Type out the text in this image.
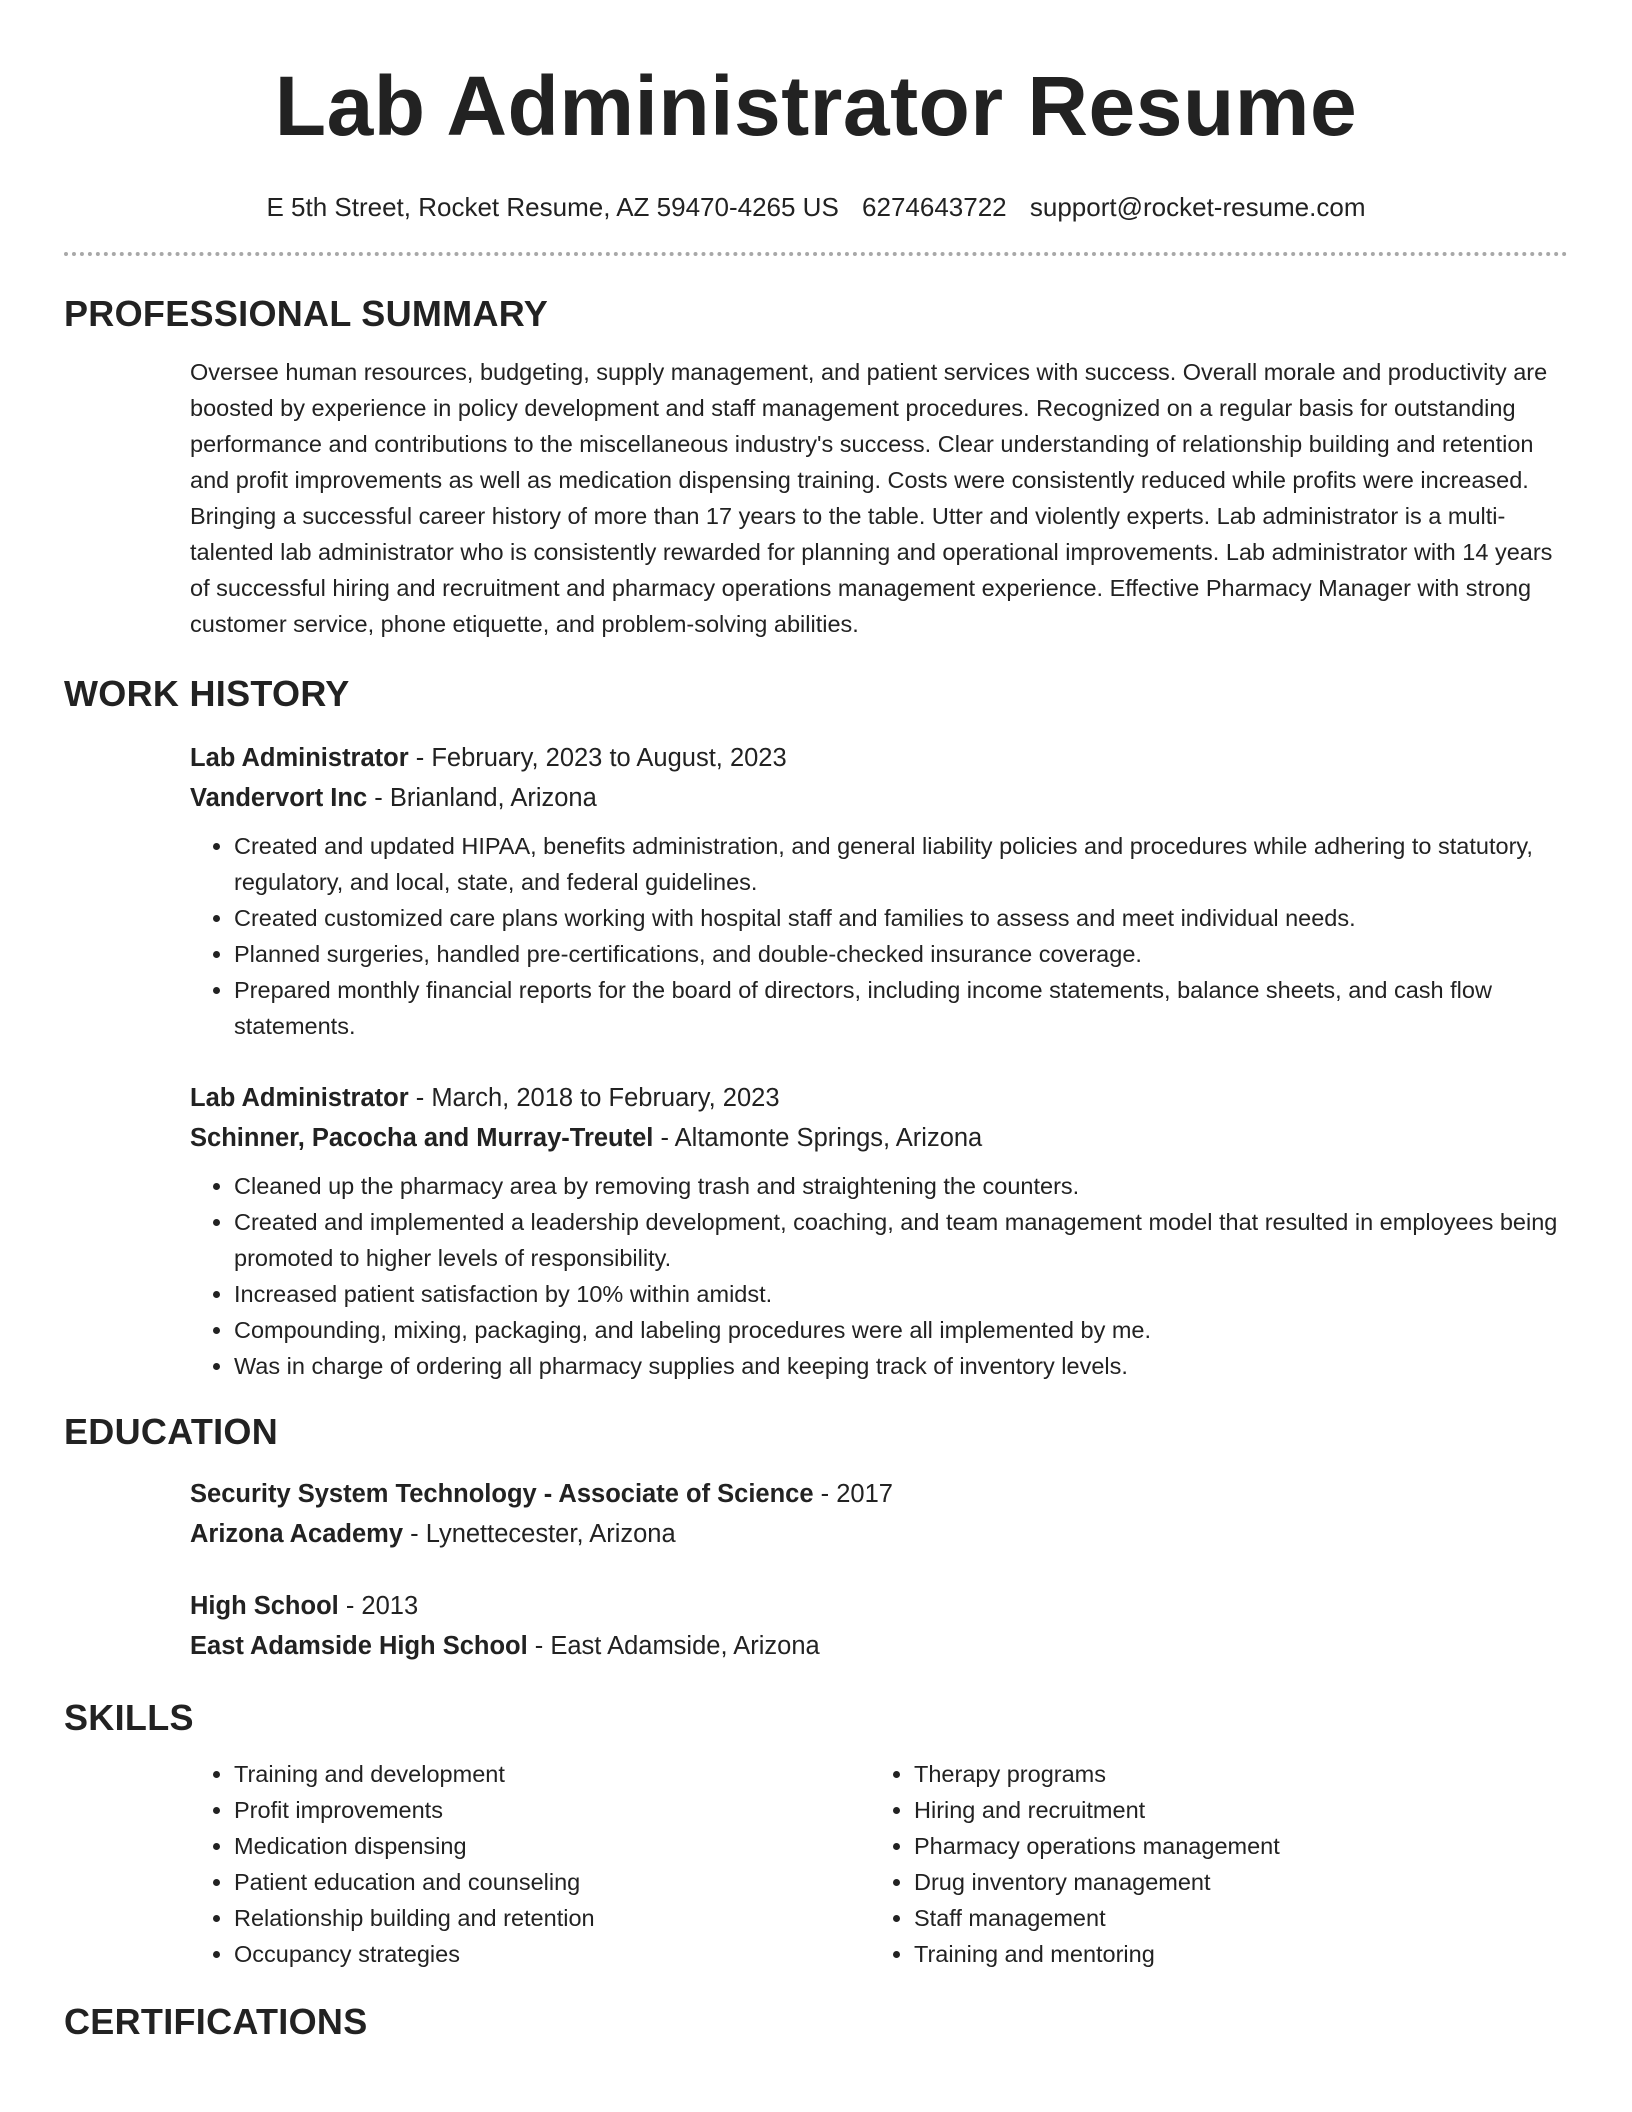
Lab Administrator Resume
E 5th Street, Rocket Resume, AZ 59470-4265 US 6274643722 support@rocket-resume.com
PROFESSIONAL SUMMARY

Oversee human resources, budgeting, supply management, and patient services with success. Overall morale and productivity are boosted by experience in policy development and staff management procedures. Recognized on a regular basis for outstanding performance and contributions to the miscellaneous industry's success. Clear understanding of relationship building and retention and profit improvements as well as medication dispensing training. Costs were consistently reduced while profits were increased. Bringing a successful career history of more than 17 years to the table. Utter and violently experts. Lab administrator is a multi-talented lab administrator who is consistently rewarded for planning and operational improvements. Lab administrator with 14 years of successful hiring and recruitment and pharmacy operations management experience. Effective Pharmacy Manager with strong customer service, phone etiquette, and problem-solving abilities.

WORK HISTORY
Lab Administrator - February, 2023 to August, 2023
Vandervort Inc - Brianland, Arizona
• Created and updated HIPAA, benefits administration, and general liability policies and procedures while adhering to statutory, regulatory, and local, state, and federal guidelines.
• Created customized care plans working with hospital staff and families to assess and meet individual needs.
• Planned surgeries, handled pre-certifications, and double-checked insurance coverage.
• Prepared monthly financial reports for the board of directors, including income statements, balance sheets, and cash flow statements.
Lab Administrator - March, 2018 to February, 2023
Schinner, Pacocha and Murray-Treutel - Altamonte Springs, Arizona
• Cleaned up the pharmacy area by removing trash and straightening the counters.
• Created and implemented a leadership development, coaching, and team management model that resulted in employees being promoted to higher levels of responsibility.
• Increased patient satisfaction by 10% within amidst.
• Compounding, mixing, packaging, and labeling procedures were all implemented by me.
• Was in charge of ordering all pharmacy supplies and keeping track of inventory levels.
EDUCATION
Security System Technology - Associate of Science - 2017
Arizona Academy - Lynettecester, Arizona
High School - 2013
East Adamside High School - East Adamside, Arizona
SKILLS
• Training and development
• Profit improvements
• Medication dispensing
• Patient education and counseling
• Relationship building and retention
• Occupancy strategies
• Therapy programs
• Hiring and recruitment
• Pharmacy operations management
• Drug inventory management
• Staff management
• Training and mentoring
CERTIFICATIONS
